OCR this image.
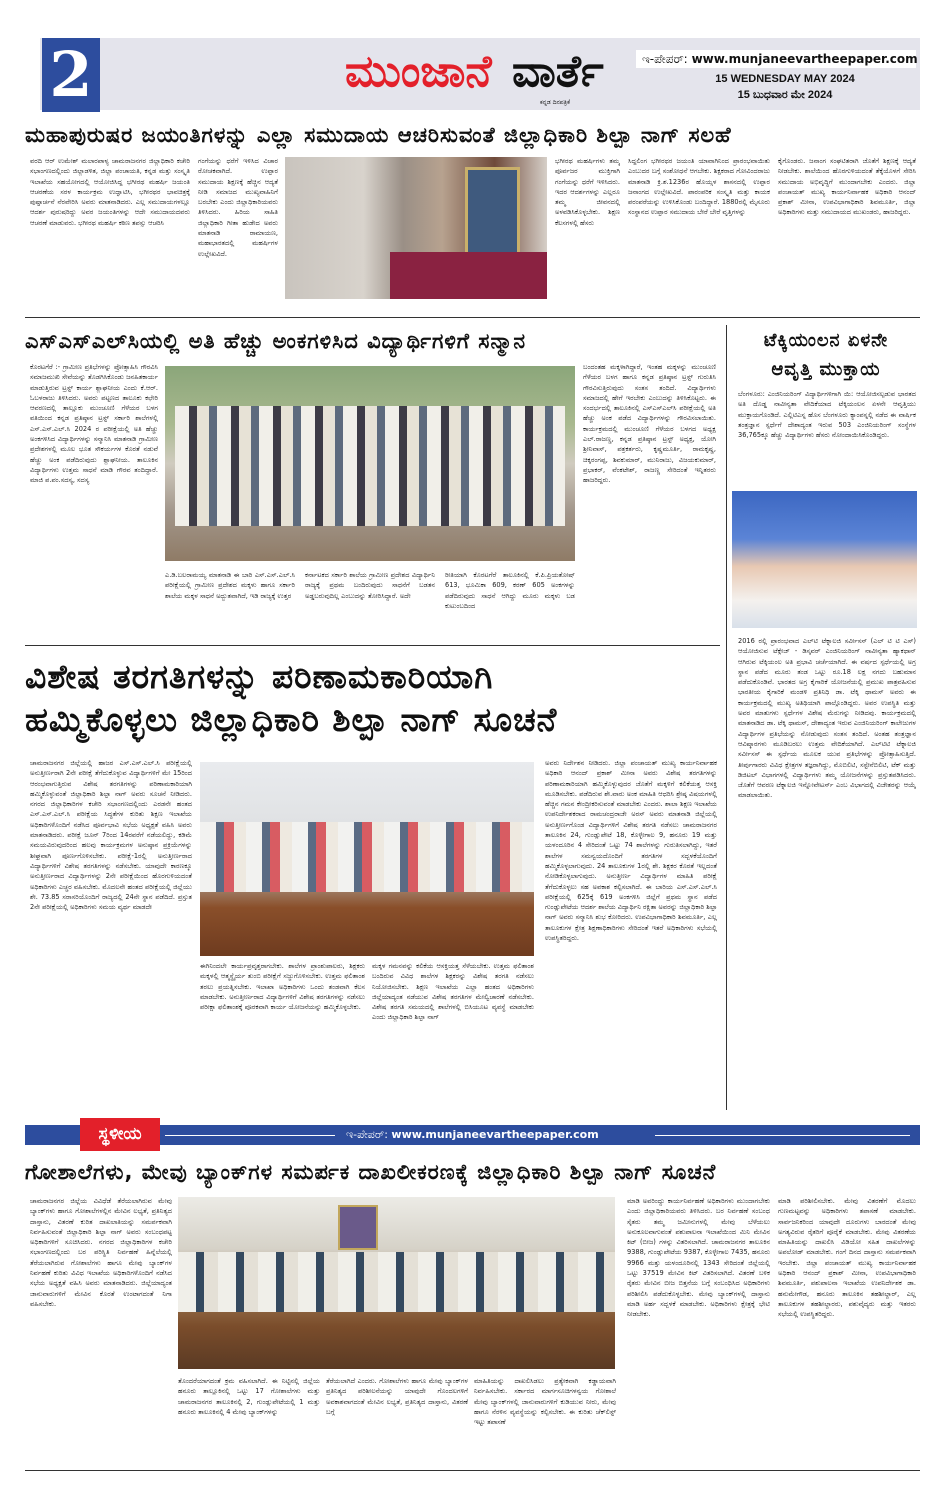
2	ಮುಂಜಾನೆ ವಾರ್ತೆ
ಕನ್ನಡ ದಿನಪತ್ರಿಕೆ
ಇ-ಪೇಪರ್: www.munjaneevartheepaper.com
15 WEDNESDAY MAY 2024
15 ಬುಧವಾರ ಮೇ 2024
ಮಹಾಪುರುಷರ ಜಯಂತಿಗಳನ್ನು ಎಲ್ಲಾ ಸಮುದಾಯ ಆಚರಿಸುವಂತೆ ಜಿಲ್ಲಾಧಿಕಾರಿ ಶಿಲ್ಪಾ ನಾಗ್ ಸಲಹೆ
ವರದಿ ಆರ್ ಉಮೇಶ್ ಮಲಾರಪಾಳ್ಯ ಚಾಮರಾಜನಗರ ಜಿಲ್ಲಾಧಿಕಾರಿ ಕಚೇರಿ ಸಭಾಂಗಣದಲ್ಲಿಂದು ಜಿಲ್ಲಾಡಳಿತ, ಜಿಲ್ಲಾ ಪಂಚಾಯತಿ, ಕನ್ನಡ ಮತ್ತು ಸಂಸ್ಕೃತಿ ಇಲಾಖೆಯ ಸಹಯೋಗದಲ್ಲಿ ಆಯೋಜಿಸಿದ್ದ ಭಗೀರಥ ಮಹರ್ಷಿ ಜಯಂತಿ ಆಚರಣೆಯ ಸರಳ ಕಾರ್ಯಕ್ರಮ ಉದ್ಘಾಟಿಸಿ, ಭಗೀರಥರ ಭಾವಚಿತ್ರಕ್ಕೆ ಪುಷ್ಪಾರ್ಚನೆ ನೆರವೇರಿಸಿ ಅವರು ಮಾತನಾಡಿದರು. ಎಲ್ಲ ಸಮುದಾಯಗಳಲ್ಲೂ ಆದರ್ಶ ಪುರುಷರಿದ್ದು ಅವರ ಜಯಂತಿಗಳನ್ನು ಆದೇ ಸಮುದಾಯದವರು ಆಚರಣೆ ಮಾಡುವರು. ಭಗೀರಥ ಮಹರ್ಷಿ ಕಠಿಣ ತಪಸ್ಸು ಆಚರಿಸಿ
ಗಂಗೆಯನ್ನು ಧರೆಗೆ ಇಳಿಸಿದ ವಿಚಾರ ರೋಚಕವಾಗಿದೆ. ಉಪ್ಪಾರ ಸಮುದಾಯ ಶಿಕ್ಷಣಕ್ಕೆ ಹೆಚ್ಚಿನ ಆದ್ಯತೆ ನೀಡಿ ಸಮಾಜದ ಮುಖ್ಯವಾಹಿನಿಗೆ ಬರಬೇಕು ಎಂದು ಜಿಲ್ಲಾಧಿಕಾರಿಯವರು ತಿಳಿಸಿದರು. ಹಿರಿಯ ಸಾಹಿತಿ ಜಿಲ್ಲಾಧಿಕಾರಿ ಗೀತಾ ಹುಡೇದ ಅವರು ಮಾತನಾಡಿ ರಾಮಾಯಣ, ಮಹಾಭಾರತದಲ್ಲಿ ಮಹರ್ಷಿಗಳ ಉಲ್ಲೇಖವಿದೆ.
ಭಗೀರಥ ಮಹರ್ಷಿಗಳು ತಮ್ಮ ಪೂರ್ವಜರ ಮುಕ್ತಿಗಾಗಿ ಗಂಗೆಯನ್ನು ಧರೆಗೆ ಇಳಿಸಿದರು. ಇದರ ಆದರ್ಶಗಳನ್ನು ಎಲ್ಲರೂ ತಮ್ಮ ಜೀವನದಲ್ಲಿ ಅಳವಡಿಸಿಕೊಳ್ಳಬೇಕು. ಶಿಕ್ಷಣ ಕೆಲಸಗಳಲ್ಲಿ ಹೆಸರು
ಸಿದ್ದಲಿಂಗ ಭಗೀರಥರ ಜಯಂತಿ ಯಾವಾಗಿನಿಂದ ಪ್ರಾರಂಭವಾಯಿತು ಎಂಬುದರ ಬಗ್ಗೆ ಸಂಶೋಧನೆ ಆಗಬೇಕು. ಶಿಕ್ಷಕರಾದ ಗೋವಿಂದರಾಜು ಮಾತನಾಡಿ ಕ್ರಿ.ಶ.1236ರ ಹೊಯ್ಸಳ ಶಾಸನದಲ್ಲಿ ಉಪ್ಪಾರ ಜನಾಂಗದ ಉಲ್ಲೇಖವಿದೆ. ಪಾರಂಪರಿಕ ಸಂಸ್ಕೃತಿ ಮತ್ತು ಕಾಯಕ ಪರಂಪರೆಯನ್ನು ಉಳಿಸಿಕೊಂಡು ಬಂದಿದ್ದಾರೆ. 1880ರಲ್ಲಿ ಮೈಸೂರು ಸಂಸ್ಥಾನದ ಉಪ್ಪಾರ ಸಮುದಾಯ ಬೇರೆ ಬೇರೆ ವೃತ್ತಿಗಳನ್ನು
ಕೈಗೊಂಡರು. ಜನಾಂಗ ಸಂಘಟಿತರಾಗಿ ಜೊತೆಗೆ ಶಿಕ್ಷಣಕ್ಕೆ ಆದ್ಯತೆ ನೀಡಬೇಕು. ಶಾಲೆಯಿಂದ ಹೊರಗುಳಿಯದಂತೆ ತೆಕ್ಕೆಯೊಳಗೆ ಸೇರಿಸಿ ಸಮುದಾಯ ಅಭಿವೃದ್ಧಿಗೆ ಮುಂದಾಗಬೇಕು ಎಂದರು. ಜಿಲ್ಲಾ ಪಂಚಾಯತ್ ಮುಖ್ಯ ಕಾರ್ಯನಿರ್ವಾಹಕ ಅಧಿಕಾರಿ ಆನಂದ್ ಪ್ರಕಾಶ್ ಮೀನಾ, ಉಪವಿಭಾಗಾಧಿಕಾರಿ ಶಿವಮೂರ್ತಿ, ಜಿಲ್ಲಾ ಅಧಿಕಾರಿಗಳು ಮತ್ತು ಸಮುದಾಯದ ಮುಖಂಡರು, ಹಾಜರಿದ್ದರು.
ಎಸ್‌ಎಸ್‌ಎಲ್‌ಸಿಯಲ್ಲಿ ಅತಿ ಹೆಚ್ಚು ಅಂಕಗಳಿಸಿದ ವಿದ್ಯಾರ್ಥಿಗಳಿಗೆ ಸನ್ಮಾನ
ಕೊರಟಗೆರೆ :- ಗ್ರಾಮೀಣ ಪ್ರತಿಭೆಗಳನ್ನು ಪ್ರೋತ್ಸಾಹಿಸಿ ಗೌರವಿಸಿ ಸಮಾಜಮುಖಿ ಸೇವೆಯನ್ನು ತೊಡಗಿಸಿಕೊಂಡು ಜನಹಿತಕಾರ್ಯ ಮಾಡುತ್ತಿರುವ ಟ್ರಸ್ಟ್ ಕಾರ್ಯ ಶ್ಲಾಘನೀಯ ಎಂದು ಕೆ.ಆರ್. ಓಬಳರಾಜು ತಿಳಿಸಿದರು. ಅವರು ಪಟ್ಟಣದ ತಾಲೂಕು ಕಛೇರಿ ಆವರಣದಲ್ಲಿ ತಾಲ್ಲೂಕು ಮುಂಚೂಣಿ ಗೆಳೆಯರ ಬಳಗ ವತಿಯಿಂದ ಕನ್ನಡ ಪ್ರತಿಷ್ಠಾನ ಟ್ರಸ್ಟ್ ಸರ್ಕಾರಿ ಶಾಲೆಗಳಲ್ಲಿ ಎಸ್.ಎಸ್.ಎಲ್.ಸಿ 2024 ರ ಪರೀಕ್ಷೆಯಲ್ಲಿ ಅತಿ ಹೆಚ್ಚು ಅಂಕಗಳಿಸಿದ ವಿದ್ಯಾರ್ಥಿಗಳನ್ನು ಸನ್ಮಾನಿಸಿ ಮಾತನಾಡಿ ಗ್ರಾಮೀಣ ಪ್ರದೇಶಗಳಲ್ಲಿ ಮೂಲ ಭೂತ ಸೌಕರ್ಯಗಳ ಕೊರತೆ ನಡುವೆ ಹೆಚ್ಚು ಅಂಕ ಪಡೆದಿರುವುದು ಶ್ಲಾಘನೀಯ. ತಾಲೂಕಿನ ವಿದ್ಯಾರ್ಥಿಗಳು ಉತ್ತಮ ಸಾಧನೆ ಮಾಡಿ ಗೌರವ ತಂದಿದ್ದಾರೆ. ಮಾಜಿ ಪ.ಪಂ.ಸದಸ್ಯ, ಸದಸ್ಯ
ಎ.ಡಿ.ಬಲರಾಮಯ್ಯ ಮಾತನಾಡಿ ಈ ಬಾರಿ ಎಸ್.ಎಸ್.ಎಲ್.ಸಿ ಪರೀಕ್ಷೆಯಲ್ಲಿ ಗ್ರಾಮೀಣ ಪ್ರದೇಶದ ಮಕ್ಕಳು ಹಾಗೂ ಸರ್ಕಾರಿ ಶಾಲೆಯ ಮಕ್ಕಳ ಸಾಧನೆ ಅದ್ಭುತವಾಗಿದೆ, ಇಡಿ ರಾಜ್ಯಕ್ಕೆ ಉತ್ತರ
ಕರ್ನಾಟಕದ ಸರ್ಕಾರಿ ಶಾಲೆಯ ಗ್ರಾಮೀಣ ಪ್ರದೇಶದ ವಿದ್ಯಾರ್ಥಿನಿ ರಾಜ್ಯಕ್ಕೆ ಪ್ರಥಮ ಬಂದಿರುವುದು ಸಾಧನೆಗೆ ಬಡತನ ಅಡ್ಡಬರುವುದಿಲ್ಲ ಎಂಬುದನ್ನು ತೋರಿಸಿದ್ದಾರೆ. ಅದೇ
ರೀತಿಯಾಗಿ ಕೊರಟಗೆರೆ ತಾಲೂಕಿನಲ್ಲಿ ಕೆ.ಪಿ.ಪ್ರಿಯತೋಷ್ 613, ಭೂಮಿಕಾ 609, ಕರಣ್ 605 ಅಂಕಗಳನ್ನು ಪಡೆದಿರುವುದು ಸಾಧನೆ ಆಗಿದ್ದು ಮೂರು ಮಕ್ಕಳು ಬಡ ಕುಟುಂಬದಿಂದ
ಬಂದಂತಹ ಮಕ್ಕಳಾಗಿದ್ದಾರೆ, ಇಂತಹ ಮಕ್ಕಳನ್ನು ಮುಂಚೂಣಿ ಗೆಳೆಯರ ಬಳಗ ಹಾಗೂ ಕನ್ನಡ ಪ್ರತಿಷ್ಠಾನ ಟ್ರಸ್ಟ್ ಗುರುತಿಸಿ ಗೌರವಿಸುತ್ತಿರುವುದು ಸಂತಸ ತಂದಿದೆ. ವಿದ್ಯಾರ್ಥಿಗಳು ಸಮಾಜದಲ್ಲಿ ಹೇಗೆ ಇರಬೇಕು ಎಂಬುದನ್ನು ತಿಳಿಸಿಕೊಟ್ಟರು. ಈ ಸಂದರ್ಭದಲ್ಲಿ ತಾಲೂಕಿನಲ್ಲಿ ಎಸ್‌ಎಸ್‌ಎಲ್‌ಸಿ ಪರೀಕ್ಷೆಯಲ್ಲಿ ಅತಿ ಹೆಚ್ಚು ಅಂಕ ಪಡೆದ ವಿದ್ಯಾರ್ಥಿಗಳನ್ನು ಗೌರವಿಸಲಾಯಿತು. ಕಾರ್ಯಕ್ರಮದಲ್ಲಿ ಮುಂಚೂಣಿ ಗೆಳೆಯರ ಬಳಗದ ಅಧ್ಯಕ್ಷ ಎಲ್.ರಾಜಣ್ಣ, ಕನ್ನಡ ಪ್ರತಿಷ್ಠಾನ ಟ್ರಸ್ಟ್ ಅಧ್ಯಕ್ಷ, ಯೋಗಿ ಶ್ರೀನಿವಾಸ್, ಪತ್ರಕರ್ತರು, ಕೃಷ್ಣಮೂರ್ತಿ, ರಾಮಕೃಷ್ಣ, ಚಿಕ್ಕರಂಗಪ್ಪ, ಶಿವಕುಮಾರ್, ಮುನಿರಾಜು, ವಿಜಯಕುಮಾರ್, ಪ್ರಭಾಕರ್, ವೆಂಕಟೇಶ್, ರಾಜಣ್ಣ ಸೇರಿದಂತೆ ಇನ್ನಿತರರು ಹಾಜರಿದ್ದರು.
ಟೆಕ್ಕಿಯಂಲನ ಏಳನೇ
ಆವೃತ್ತಿ ಮುಕ್ತಾಯ
ಬೆಂಗಳೂರು: ಎಂಜಿನಿಯರಿಂಗ್ ವಿದ್ಯಾರ್ಥಿಗಳಿಗಾಗಿ ಯಿ: ಆಯೋಜಿಸಲ್ಪಡುವ ಭಾರತದ ಅತಿ ದೊಡ್ಡ ನಾವೀನ್ಯತಾ ವೇದಿಕೆಯಾದ ಟೆಕ್ಕಿಯಂಲನ ಏಳನೇ ಆವೃತ್ತಿಯು ಮುಕ್ತಾಯಗೊಂಡಿದೆ. ಎಲ್ಲಿಟಿಎಸ್ನ ಹೊಸ ಬೆಂಗಳೂರು ಕ್ಯಾಂಪಸ್ನಲ್ಲಿ ನಡೆದ ಈ ವಾರ್ಷಿಕ ತಂತ್ರಜ್ಞಾನ ಸ್ಪರ್ಧೆಗೆ ದೇಶಾದ್ಯಂತ ಇರುವ 503 ಎಂಜಿನಿಯರಿಂಗ್ ಸಂಸ್ಥೆಗಳ 36,765ಕ್ಕೂ ಹೆಚ್ಚು ವಿದ್ಯಾರ್ಥಿಗಳು ಹೆಸರು ನೋಂದಾಯಿಸಿಕೊಂಡಿದ್ದರು.
2016 ರಲ್ಲಿ ಪ್ರಾರಂಭವಾದ ಎಲ್‌ಟಿ ಟೆಕ್ನಾಲಜಿ ಸರ್ವೀಸಸ್ (ಎಲ್ ಟಿ ಟಿ ಎಸ್) ಆಯೋಜಿಸುವ ಟೆಕ್ಗೇಜ್ - ಡಿಸ್ಕವರ್ ಎಂಜಿನಿಯರಿಂಗ್ ನಾವೀನ್ಯತಾ ಹ್ಯಾಕಥಾನ್ ಆಗಿರುವ ಟೆಕ್ಕಿಯಂಲ ಅತಿ ಪ್ರಭಾವಿ ಚರ್ಚೆಯಾಗಿದೆ. ಈ ವರ್ಷದ ಸ್ಪರ್ಧೆಯಲ್ಲಿ ಅಗ್ರ ಸ್ಥಾನ ಪಡೆದ ಮೂರು ತಂಡ ಒಟ್ಟು ರೂ.18 ಲಕ್ಷ ನಗದು ಬಹುಮಾನ ಪಡೆದುಕೊಂಡಿವೆ. ಭಾರತದ ಅಗ್ರ ಕೈಗಾರಿಕೆ ಯೋಜನೆಯಲ್ಲಿ ಪ್ರಮುಖ ಪಾತ್ರವಹಿಸುವ ಭಾರತೀಯ ಕೈಗಾರಿಕೆ ಮಂಡಳಿ ಪ್ರತಿನಿಧಿ ಡಾ. ಟೆಕ್ಕಿ ಥಾಮಸ್ ಅವರು ಈ ಕಾರ್ಯಕ್ರಮದಲ್ಲಿ ಮುಖ್ಯ ಅತಿಥಿಯಾಗಿ ಪಾಲ್ಗೊಂಡಿದ್ದರು. ಅವರ ಉಪಸ್ಥಿತಿ ಮತ್ತು ಅವರ ಮಾತುಗಳು ಸ್ಪರ್ಧೆಗಳ ವಿಶೇಷ ಮೆರುಗನ್ನು ನೀಡಿದವು. ಕಾರ್ಯಕ್ರಮದಲ್ಲಿ ಮಾತನಾಡಿದ ಡಾ. ಟೆಕ್ಕಿ ಥಾಮಸ್, ದೇಶಾದ್ಯಂತ ಇರುವ ಎಂಜಿನಿಯರಿಂಗ್ ಕಾಲೇಜುಗಳ ವಿದ್ಯಾರ್ಥಿಗಳ ಪ್ರತಿಭೆಯನ್ನು ನೋಡುವುದು ಸಂತಸ ತಂದಿದೆ. ಅಂತಹ ತಂತ್ರಜ್ಞಾನ ಆವಿಷ್ಕಾರಗಳು ಮೂಡಿಬರಲು ಉತ್ತಮ ವೇದಿಕೆಯಾಗಿದೆ. ಎಲ್‌ಟಿಟಿ ಟೆಕ್ನಾಲಜಿ ಸರ್ವೀಸಸ್ ಈ ಸ್ಪರ್ಧೆಯ ಮೂಲಕ ಯುವ ಪ್ರತಿಭೆಗಳನ್ನು ಪ್ರೋತ್ಸಾಹಿಸುತ್ತಿದೆ. ತೀರ್ಪುಗಾರರು ವಿವಿಧ ಕ್ಷೇತ್ರಗಳ ತಜ್ಞರಾಗಿದ್ದು, ಮೊಬಿಲಿಟಿ, ಸಸ್ಟೇನೆಬಿಲಿಟಿ, ಟೆಕ್ ಮತ್ತು ಡಿಜಿಟಲ್ ವಿಭಾಗಗಳಲ್ಲಿ ವಿದ್ಯಾರ್ಥಿಗಳು ತಮ್ಮ ಯೋಜನೆಗಳನ್ನು ಪ್ರಸ್ತುತಪಡಿಸಿದರು. ಜೊತೆಗೆ ಆವರಣ ಟೆಕ್ನಾಲಜಿ ಇನ್ನೋವೇಟರ್ಸ್ ಎಂಬ ವಿಭಾಗದಲ್ಲಿ ವಿಜೇತರನ್ನು ಆಯ್ಕೆ ಮಾಡಲಾಯಿತು.
ವಿಶೇಷ ತರಗತಿಗಳನ್ನು ಪರಿಣಾಮಕಾರಿಯಾಗಿ
ಹಮ್ಮಿಕೊಳ್ಳಲು ಜಿಲ್ಲಾಧಿಕಾರಿ ಶಿಲ್ಪಾ ನಾಗ್ ಸೂಚನೆ
ಚಾಮರಾಜನಗರ ಜಿಲ್ಲೆಯಲ್ಲಿ ಹಾಜರ ಎಸ್.ಎಸ್.ಎಲ್.ಸಿ ಪರೀಕ್ಷೆಯಲ್ಲಿ ಅನುತ್ತೀರ್ಣರಾಗಿ 2ನೇ ಪರೀಕ್ಷೆ ತೆಗೆದುಕೊಳ್ಳುವ ವಿದ್ಯಾರ್ಥಿಗಳಿಗೆ ಮೇ 15ರಿಂದ ಆರಂಭವಾಗುತ್ತಿರುವ ವಿಶೇಷ ತರಗತಿಗಳನ್ನು ಪರಿಣಾಮಕಾರಿಯಾಗಿ ಹಮ್ಮಿಕೊಳ್ಳುವಂತೆ ಜಿಲ್ಲಾಧಿಕಾರಿ ಶಿಲ್ಪಾ ನಾಗ್ ಅವರು ಸೂಚನೆ ನೀಡಿದರು. ನಗರದ ಜಿಲ್ಲಾಧಿಕಾರಿಗಳ ಕಚೇರಿ ಸಭಾಂಗಣದಲ್ಲಿಂದು ಎರಡನೇ ಹಂತದ ಎಸ್.ಎಸ್.ಎಲ್.ಸಿ ಪರೀಕ್ಷೆಯ ಸಿದ್ಧತೆಗಳ ಕುರಿತು ಶಿಕ್ಷಣ ಇಲಾಖೆಯ ಅಧಿಕಾರಿಗಳೊಂದಿಗೆ ನಡೆಸಿದ ಪೂರ್ವಭಾವಿ ಸಭೆಯ ಅಧ್ಯಕ್ಷತೆ ವಹಿಸಿ ಅವರು ಮಾತನಾಡಿದರು. ಪರೀಕ್ಷೆ ಜೂನ್ 7ರಿಂದ 14ರವರೆಗೆ ನಡೆಯಲಿದ್ದು, ಕಡಿಮೆ ಸಮಯವಿರುವುದರಿಂದ ಹಲವು ಕಾರ್ಯಕ್ರಮಗಳ ಅನುಷ್ಠಾನ ಪ್ರಕ್ರಿಯೆಗಳನ್ನು ಶೀಘ್ರವಾಗಿ ಪೂರ್ಣಗೊಳಿಸಬೇಕು. ಪರೀಕ್ಷೆ-1ರಲ್ಲಿ ಅನುತ್ತೀರ್ಣರಾದ ವಿದ್ಯಾರ್ಥಿಗಳಿಗೆ ವಿಶೇಷ ತರಗತಿಗಳನ್ನು ನಡೆಸಬೇಕು. ಯಾವುದೇ ಕಾರಣಕ್ಕೂ ಅನುತ್ತೀರ್ಣರಾದ ವಿದ್ಯಾರ್ಥಿಗಳನ್ನು 2ನೇ ಪರೀಕ್ಷೆಯಿಂದ ಹೊರಗುಳಿಯದಂತೆ ಅಧಿಕಾರಿಗಳು ಎಚ್ಚರ ವಹಿಸಬೇಕು. ಮೊದಲನೇ ಹಂತದ ಪರೀಕ್ಷೆಯಲ್ಲಿ ಜಿಲ್ಲೆಯು ಶೇ. 73.85 ಸರಾಸರಿಯೊಂದಿಗೆ ರಾಜ್ಯದಲ್ಲಿ 24ನೇ ಸ್ಥಾನ ಪಡೆದಿದೆ. ಪ್ರಸ್ತುತ 2ನೇ ಪರೀಕ್ಷೆಯಲ್ಲಿ ಅಧಿಕಾರಿಗಳು ಸಮಯ ವ್ಯರ್ಥ ಮಾಡದೇ
ಈಗಿನಿಂದಲೇ ಕಾರ್ಯಪ್ರವೃತ್ತರಾಗಬೇಕು. ಶಾಲೆಗಳ ಪ್ರಾಂಶುಪಾಲರು, ಶಿಕ್ಷಕರು ಮಕ್ಕಳಲ್ಲಿ ಆತ್ಮಸ್ಥೈರ್ಯ ತುಂಬಿ ಪರೀಕ್ಷೆಗೆ ಸಜ್ಜುಗೊಳಿಸಬೇಕು. ಉತ್ತಮ ಫಲಿತಾಂಶ ತರಲು ಪ್ರಯತ್ನಿಸಬೇಕು. ಇಲಾಖಾ ಅಧಿಕಾರಿಗಳು ಒಂದು ತಂಡವಾಗಿ ಕೆಲಸ ಮಾಡಬೇಕು. ಅನುತ್ತೀರ್ಣರಾದ ವಿದ್ಯಾರ್ಥಿಗಳಿಗೆ ವಿಶೇಷ ತರಗತಿಗಳನ್ನು ನಡೆಸಲು ಪರೀಕ್ಷಾ ಫಲಿತಾಂಶಕ್ಕೆ ಪೂರಕವಾಗಿ ಕಾರ್ಯ ಯೋಜನೆಯನ್ನು ಹಮ್ಮಿಕೊಳ್ಳಬೇಕು.
ಮಕ್ಕಳ ಗಮನವನ್ನು ಕಲಿಕೆಯ ಆಸಕ್ತಿಯತ್ತ ಸೆಳೆಯಬೇಕು. ಉತ್ತಮ ಫಲಿತಾಂಶ ಬಂದಿರುವ ವಿವಿಧ ಶಾಲೆಗಳ ಶಿಕ್ಷಕರನ್ನು ವಿಶೇಷ ತರಗತಿ ನಡೆಸಲು ನಿಯೋಜಿಸಬೇಕು. ಶಿಕ್ಷಣ ಇಲಾಖೆಯ ಎಲ್ಲಾ ಹಂತದ ಅಧಿಕಾರಿಗಳು ಜಿಲ್ಲೆಯಾದ್ಯಂತ ನಡೆಯುವ ವಿಶೇಷ ತರಗತಿಗಳ ಮೇಲ್ವಿಚಾರಣೆ ನಡೆಸಬೇಕು. ವಿಶೇಷ ತರಗತಿ ಸಮಯದಲ್ಲಿ ಶಾಲೆಗಳಲ್ಲಿ ಬಿಸಿಯೂಟ ವ್ಯವಸ್ಥೆ ಮಾಡಬೇಕು ಎಂದು ಜಿಲ್ಲಾಧಿಕಾರಿ ಶಿಲ್ಪಾ ನಾಗ್
ಅವರು ನಿರ್ದೇಶನ ನೀಡಿದರು. ಜಿಲ್ಲಾ ಪಂಚಾಯತ್ ಮುಖ್ಯ ಕಾರ್ಯನಿರ್ವಾಹಕ ಅಧಿಕಾರಿ ಆನಂದ್ ಪ್ರಕಾಶ್ ಮೀನಾ ಅವರು ವಿಶೇಷ ತರಗತಿಗಳನ್ನು ಪರಿಣಾಮಕಾರಿಯಾಗಿ ಹಮ್ಮಿಕೊಳ್ಳುವುದರ ಜೊತೆಗೆ ಮಕ್ಕಳಿಗೆ ಕಲಿಕೆಯತ್ತ ಆಸಕ್ತಿ ಮೂಡಿಸಬೇಕು. ಪಡೆದಿರುವ ಶೇ.ವಾರು ಅಂಕ ಮಾಹಿತಿ ಆಧರಿಸಿ ಶ್ರೇಷ್ಠ ವಿಷಯಗಳಲ್ಲಿ ಹೆಚ್ಚಿನ ಗಮನ ಕೇಂದ್ರೀಕರಿಸುವಂತೆ ಮಾಡಬೇಕು ಎಂದರು. ಶಾಲಾ ಶಿಕ್ಷಣ ಇಲಾಖೆಯ ಉಪನಿರ್ದೇಶಕರಾದ ರಾಮಚಂದ್ರರಾಜೇ ಅರಸ್ ಅವರು ಮಾತನಾಡಿ ಜಿಲ್ಲೆಯಲ್ಲಿ ಅನುತ್ತೀರ್ಣಗೊಂಡ ವಿದ್ಯಾರ್ಥಿಗಳಿಗೆ ವಿಶೇಷ ತರಗತಿ ನಡೆಸಲು ಚಾಮರಾಜನಗರ ತಾಲೂಕಿನ 24, ಗುಂಡ್ಲುಪೇಟೆ 18, ಕೊಳ್ಳೇಗಾಲ 9, ಹನೂರು 19 ಮತ್ತು ಯಳಂದೂರಿನ 4 ಸೇರಿದಂತೆ ಒಟ್ಟು 74 ಶಾಲೆಗಳನ್ನು ಗುರುತಿಸಲಾಗಿದ್ದು, ಇತರೆ ಶಾಲೆಗಳ ಸಮನ್ವಯದೊಂದಿಗೆ ತರಗತಿಗಳ ಸದ್ಬಳಕೆಯೊಂದಿಗೆ ಹಮ್ಮಿಕೊಳ್ಳಲಾಗುವುದು. 24 ತಾಲೂಕುಗಳ 1ರಲ್ಲಿ ಶೇ. ಶಿಕ್ಷಕರ ಕೊರತೆ ಇಲ್ಲದಂತೆ ನೋಡಿಕೊಳ್ಳಲಾಗುವುದು. ಅನುತ್ತೀರ್ಣ ವಿದ್ಯಾರ್ಥಿಗಳ ಮಾಹಿತಿ ಪರೀಕ್ಷೆ ತೆಗೆದುಕೊಳ್ಳಲು ಸಹ ಅವಕಾಶ ಕಲ್ಪಿಸಲಾಗಿದೆ. ಈ ಬಾರಿಯ ಎಸ್.ಎಸ್.ಎಲ್.ಸಿ ಪರೀಕ್ಷೆಯಲ್ಲಿ 625ಕ್ಕೆ 619 ಅಂಕಗಳಿಸಿ ಜಿಲ್ಲೆಗೆ ಪ್ರಥಮ ಸ್ಥಾನ ಪಡೆದ ಗುಂಡ್ಲುಪೇಟೆಯ ಆದರ್ಶ ಶಾಲೆಯ ವಿದ್ಯಾರ್ಥಿನಿ ರಕ್ಷಿತಾ ಅವರನ್ನು ಜಿಲ್ಲಾಧಿಕಾರಿ ಶಿಲ್ಪಾ ನಾಗ್ ಅವರು ಸನ್ಮಾನಿಸಿ ಶುಭ ಕೋರಿದರು. ಉಪವಿಭಾಗಾಧಿಕಾರಿ ಶಿವಮೂರ್ತಿ, ಎಲ್ಲ ತಾಲೂಕುಗಳ ಕ್ಷೇತ್ರ ಶಿಕ್ಷಣಾಧಿಕಾರಿಗಳು ಸೇರಿದಂತೆ ಇತರೆ ಅಧಿಕಾರಿಗಳು ಸಭೆಯಲ್ಲಿ ಉಪಸ್ಥಿತರಿದ್ದರು.
ಸ್ಥಳೀಯ	ಇ-ಪೇಪರ್: www.munjaneevartheepaper.com
ಗೋಶಾಲೆಗಳು, ಮೇವು ಬ್ಯಾಂಕ್‌ಗಳ ಸಮರ್ಪಕ ದಾಖಲೀಕರಣಕ್ಕೆ ಜಿಲ್ಲಾಧಿಕಾರಿ ಶಿಲ್ಪಾ ನಾಗ್ ಸೂಚನೆ
ಚಾಮರಾಜನಗರ ಜಿಲ್ಲೆಯ ವಿವಿಧೆಡೆ ತೆರೆಯಲಾಗಿರುವ ಮೇವು ಬ್ಯಾಂಕ್‌ಗಳು ಹಾಗೂ ಗೋಶಾಲೆಗಳಲ್ಲಿನ ಮೇವಿನ ಲಭ್ಯತೆ, ಪ್ರತಿನಿತ್ಯದ ದಾಸ್ತಾನು, ವಿತರಣೆ ಕುರಿತ ದಾಖಲಾತಿಯನ್ನು ಸಮರ್ಪಕವಾಗಿ ನಿರ್ವಹಿಸುವಂತೆ ಜಿಲ್ಲಾಧಿಕಾರಿ ಶಿಲ್ಪಾ ನಾಗ್ ಅವರು ಸಂಬಂಧಪಟ್ಟ ಅಧಿಕಾರಿಗಳಿಗೆ ಸೂಚಿಸಿದರು. ನಗರದ ಜಿಲ್ಲಾಧಿಕಾರಿಗಳ ಕಚೇರಿ ಸಭಾಂಗಣದಲ್ಲಿಂದು ಬರ ಪರಿಸ್ಥಿತಿ ನಿರ್ವಹಣೆ ಹಿನ್ನೆಲೆಯಲ್ಲಿ ತೆರೆಯಲಾಗಿರುವ ಗೋಶಾಲೆಗಳು ಹಾಗೂ ಮೇವು ಬ್ಯಾಂಕ್‌ಗಳ ನಿರ್ವಹಣೆ ಕುರಿತು ವಿವಿಧ ಇಲಾಖೆಯ ಅಧಿಕಾರಿಗಳೊಂದಿಗೆ ನಡೆಸಿದ ಸಭೆಯ ಅಧ್ಯಕ್ಷತೆ ವಹಿಸಿ ಅವರು ಮಾತನಾಡಿದರು. ಜಿಲ್ಲೆಯಾದ್ಯಂತ ಜಾನುವಾರುಗಳಿಗೆ ಮೇವಿನ ಕೊರತೆ ಉಂಟಾಗದಂತೆ ನಿಗಾ ವಹಿಸಬೇಕು.
ತೊಂದರೆಯಾಗದಂತೆ ಕ್ರಮ ವಹಿಸಲಾಗಿದೆ. ಈ ನಿಟ್ಟಿನಲ್ಲಿ ಜಿಲ್ಲೆಯ ಹನೂರು ತಾಲ್ಲೂಕಿನಲ್ಲಿ ಒಟ್ಟು 17 ಗೋಶಾಲೆಗಳು ಮತ್ತು ಚಾಮರಾಜನಗರ ತಾಲೂಕಿನಲ್ಲಿ 2, ಗುಂಡ್ಲುಪೇಟೆಯಲ್ಲಿ 1 ಮತ್ತು ಹನೂರು ತಾಲೂಕಿನಲ್ಲಿ 4 ಮೇವು ಬ್ಯಾಂಕ್‌ಗಳನ್ನು
ತೆರೆಯಲಾಗಿದೆ ಎಂದರು. ಗೋಶಾಲೆಗಳು ಹಾಗೂ ಮೇವು ಬ್ಯಾಂಕ್‌ಗಳ ಪ್ರತಿನಿತ್ಯದ ಪರಿಶೀಲನೆಯನ್ನು ಯಾವುದೇ ಗೊಂದಲಗಳಿಗೆ ಅವಕಾಶವಾಗದಂತೆ ಮೇವಿನ ಲಭ್ಯತೆ, ಪ್ರತಿನಿತ್ಯದ ದಾಸ್ತಾನು, ವಿತರಣೆ ಬಗ್ಗೆ
ಮಾಹಿತಿಯನ್ನು ದಾಖಲಿಸಿಡಲು ಪ್ರತ್ಯೇಕವಾಗಿ ಕಡ್ಡಾಯವಾಗಿ ನಿರ್ವಹಿಸಬೇಕು. ಸರ್ಕಾರದ ಮಾರ್ಗಸೂಚಿಗಳನ್ವಯ ಗೋಶಾಲೆ ಮೇವು ಬ್ಯಾಂಕ್‌ಗಳಲ್ಲಿ ಜಾನುವಾರುಗಳಿಗೆ ಕುಡಿಯುವ ನೀರು, ಮೇವು ಹಾಗೂ ನೆರಳಿನ ವ್ಯವಸ್ಥೆಯನ್ನು ಕಲ್ಪಿಸಬೇಕು. ಈ ಕುರಿತು ಚೆಕ್‌ಲಿಸ್ಟ್ ಇಟ್ಟು ತಪಾಸಣೆ
ಮಾಡಿ ಅವರಿಂದ್ದು ಕಾರ್ಯನಿರ್ವಹಣೆ ಅಧಿಕಾರಿಗಳು ಮುಂದಾಗಬೇಕು ಎಂದು ಜಿಲ್ಲಾಧಿಕಾರಿಯವರು ತಿಳಿಸಿದರು. ಬರ ನಿರ್ವಹಣೆ ಸಂಬಂಧ ಸೈತರು ತಮ್ಮ ಜಮೀನುಗಳಲ್ಲಿ ಮೇವು ಬೆಳೆಯಲು ಅನುಕೂಲವಾಗುವಂತೆ ಪಶುಪಾಲನಾ ಇಲಾಖೆಯಿಂದ ಮಿನಿ ಮೇವಿನ ಕಿಟ್ (ಬೀಜ) ಗಳನ್ನು ವಿತರಿಸಲಾಗಿದೆ. ಚಾಮರಾಜನಗರ ತಾಲೂಕಿನ 9388, ಗುಂಡ್ಲುಪೇಟೆಯ 9387, ಕೊಳ್ಳೇಗಾಲ 7435, ಹನೂರು 9966 ಮತ್ತು ಯಳಂದೂರಿನಲ್ಲಿ 1343 ಸೇರಿದಂತೆ ಜಿಲ್ಲೆಯಲ್ಲಿ ಒಟ್ಟು 37519 ಮೇವಿನ ಕಿಟ್ ವಿತರಿಸಲಾಗಿದೆ. ವಿತರಣೆ ಬಳಿಕ ರೈತರು ಮೇವಿನ ಬೀಜ ಬಿತ್ತನೆಯ ಬಗ್ಗೆ ಸಂಬಂಧಿಸಿದ ಅಧಿಕಾರಿಗಳು ಪರಿಶೀಲಿಸಿ ಪಡೆದುಕೊಳ್ಳಬೇಕು. ಮೇವು ಬ್ಯಾಂಕ್‌ಗಳಲ್ಲಿ ದಾಸ್ತಾನು ಮಾಡಿ ಅರ್ಹ ಸದ್ಬಳಕೆ ಮಾಡಬೇಕು. ಅಧಿಕಾರಿಗಳು ಕ್ಷೇತ್ರಕ್ಕೆ ಭೇಟಿ ನೀಡಬೇಕು.
ಮಾಡಿ ಪರಿಶೀಲಿಸಬೇಕು. ಮೇವು ವಿತರಣೆಗೆ ಮೊದಲು ಗುಣಮಟ್ಟವನ್ನು ಅಧಿಕಾರಿಗಳು ತಪಾಸಣೆ ಮಾಡಬೇಕು. ಸಾರ್ವಜನಿಕರಿಂದ ಯಾವುದೇ ದೂರುಗಳು ಬಾರದಂತೆ ಮೇವು ಅಗತ್ಯವಿರುವ ರೈತರಿಗೆ ಪೂರೈಕೆ ಮಾಡಬೇಕು. ಮೇವು ವಿತರಣೆಯ ಮಾಹಿತಿಯನ್ನು ದಾಖಲಿಸಿ ವಿಡಿಯೋ ಸಹಿತ ದಾಖಲೆಗಳನ್ನು ಅಪಲೋಡ್ ಮಾಡಬೇಕು. ಗಂಗೆ ದಿನದ ದಾಸ್ತಾನು ಸಮರ್ಪಕವಾಗಿ ಇರಬೇಕು. ಜಿಲ್ಲಾ ಪಂಚಾಯತ್ ಮುಖ್ಯ ಕಾರ್ಯನಿರ್ವಾಹಕ ಅಧಿಕಾರಿ ಆನಂದ್ ಪ್ರಕಾಶ್ ಮೀನಾ, ಉಪವಿಭಾಗಾಧಿಕಾರಿ ಶಿವಮೂರ್ತಿ, ಪಶುಪಾಲನಾ ಇಲಾಖೆಯ ಉಪನಿರ್ದೇಶಕ ಡಾ. ಹನುಮೇಗೌಡ, ಹನೂರು ತಾಲೂಕಿನ ತಹಶೀಲ್ದಾರ್, ಎಲ್ಲ ತಾಲೂಕುಗಳ ತಹಶೀಲ್ದಾರರು, ಪಶುವೈದ್ಯರು ಮತ್ತು ಇತರರು ಸಭೆಯಲ್ಲಿ ಉಪಸ್ಥಿತರಿದ್ದರು.
